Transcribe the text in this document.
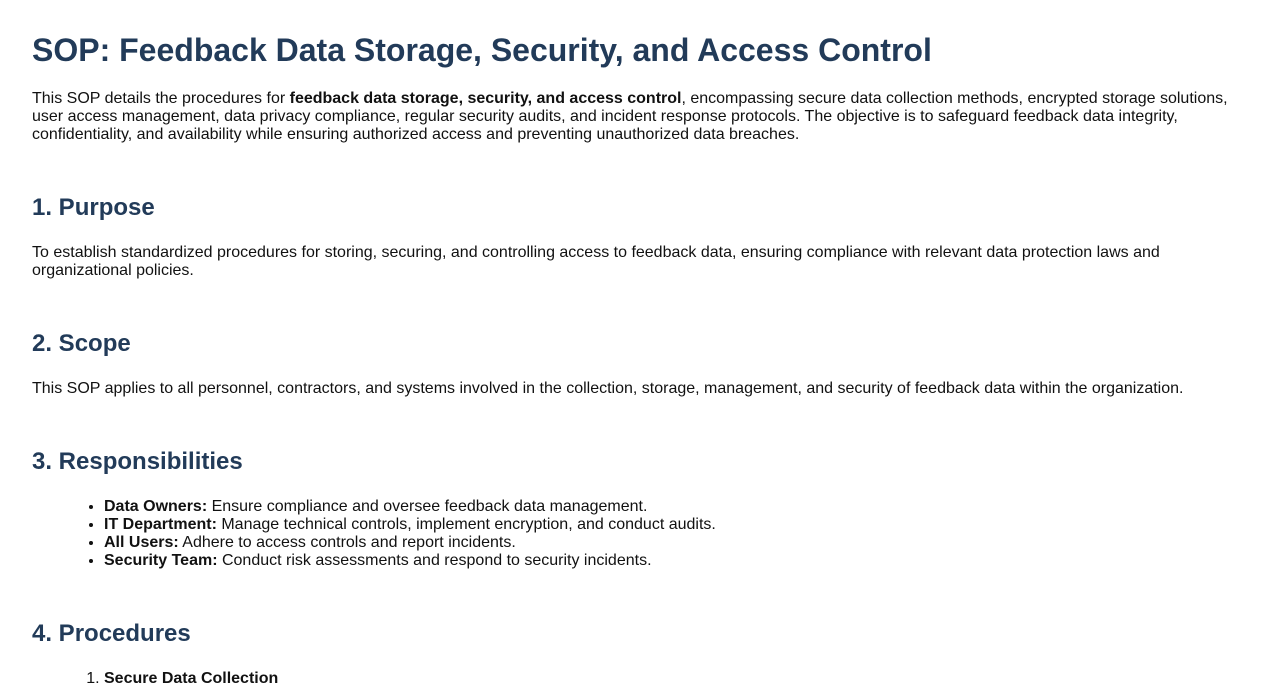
SOP: Feedback Data Storage, Security, and Access Control

This SOP details the procedures for feedback data storage, security, and access control, encompassing secure data collection methods, encrypted storage solutions, user access management, data privacy compliance, regular security audits, and incident response protocols. The objective is to safeguard feedback data integrity, confidentiality, and availability while ensuring authorized access and preventing unauthorized data breaches.

1. Purpose

To establish standardized procedures for storing, securing, and controlling access to feedback data, ensuring compliance with relevant data protection laws and organizational policies.

2. Scope

This SOP applies to all personnel, contractors, and systems involved in the collection, storage, management, and security of feedback data within the organization.

3. Responsibilities
• Data Owners: Ensure compliance and oversee feedback data management.
• IT Department: Manage technical controls, implement encryption, and conduct audits.
• All Users: Adhere to access controls and report incidents.
• Security Team: Conduct risk assessments and respond to security incidents.
4. Procedures
1. Secure Data Collection
